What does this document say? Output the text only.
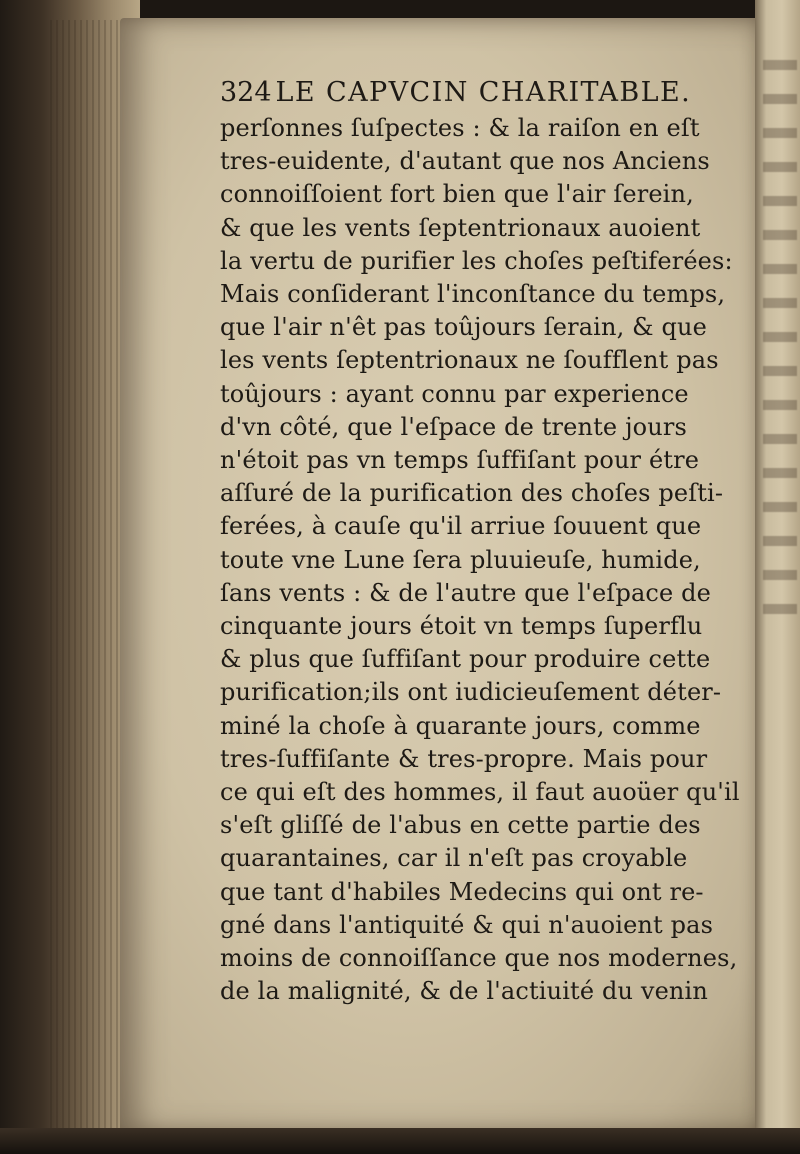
324 LE CAPVCIN CHARITABLE.
perſonnes ſuſpectes : & la raiſon en eſt
tres-euidente, d'autant que nos Anciens
connoiſſoient fort bien que l'air ſerein,
& que les vents ſeptentrionaux auoient
la vertu de purifier les choſes peſtiferées:
Mais conſiderant l'inconſtance du temps,
que l'air n'êt pas toûjours ſerain, & que
les vents ſeptentrionaux ne ſoufflent pas
toûjours : ayant connu par experience
d'vn côté, que l'eſpace de trente jours
n'étoit pas vn temps ſuffiſant pour étre
aſſuré de la purification des choſes peſti-
ferées, à cauſe qu'il arriue ſouuent que
toute vne Lune ſera pluuieuſe, humide,
ſans vents : & de l'autre que l'eſpace de
cinquante jours étoit vn temps ſuperflu
& plus que ſuffiſant pour produire cette
purification;ils ont iudicieuſement déter-
miné la choſe à quarante jours, comme
tres-ſuffiſante & tres-propre. Mais pour
ce qui eſt des hommes, il faut auoüer qu'il
s'eſt gliſſé de l'abus en cette partie des
quarantaines, car il n'eſt pas croyable
que tant d'habiles Medecins qui ont re-
gné dans l'antiquité & qui n'auoient pas
moins de connoiſſance que nos modernes,
de la malignité, & de l'actiuité du venin
